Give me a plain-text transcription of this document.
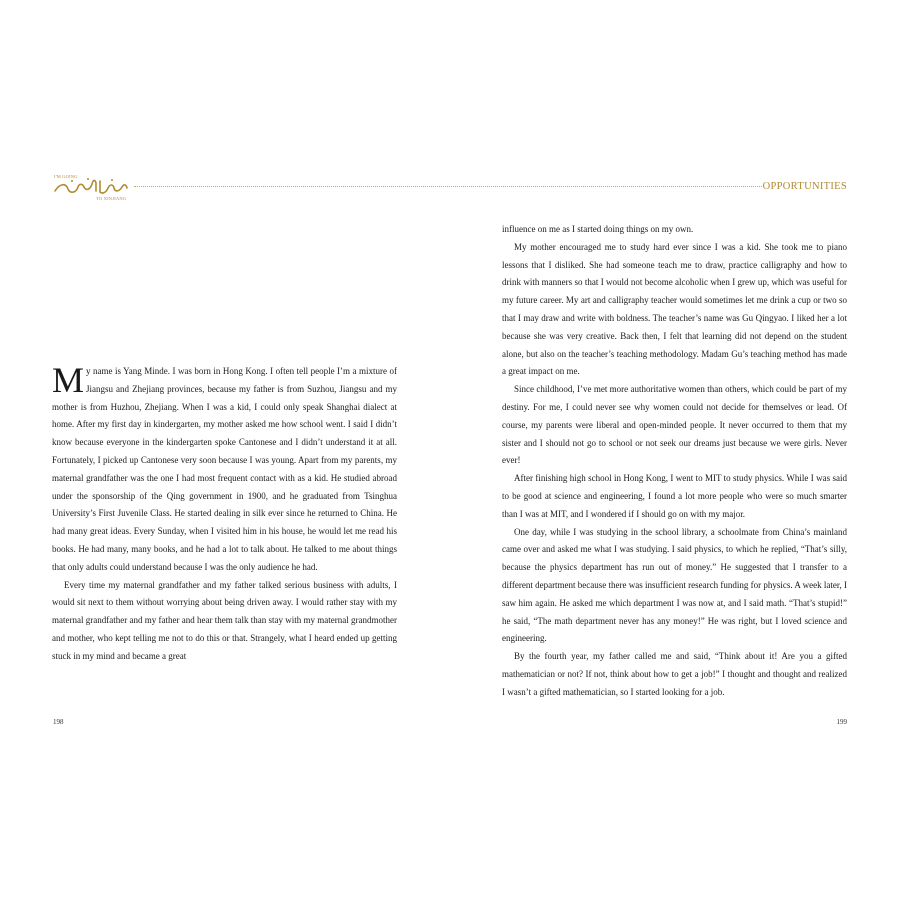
I'M GOING
TO XINJIANG
OPPORTUNITIES

My name is Yang Minde. I was born in Hong Kong. I often tell people I’m a mixture of Jiangsu and Zhejiang provinces, because my father is from Suzhou, Jiangsu and my mother is from Huzhou, Zhejiang. When I was a kid, I could only speak Shanghai dialect at home. After my first day in kindergarten, my mother asked me how school went. I said I didn’t know because everyone in the kindergarten spoke Cantonese and I didn’t understand it at all. Fortunately, I picked up Cantonese very soon because I was young. Apart from my parents, my maternal grandfather was the one I had most frequent contact with as a kid. He studied abroad under the sponsorship of the Qing government in 1900, and he graduated from Tsinghua University’s First Juvenile Class. He started dealing in silk ever since he returned to China. He had many great ideas. Every Sunday, when I visited him in his house, he would let me read his books. He had many, many books, and he had a lot to talk about. He talked to me about things that only adults could understand because I was the only audience he had.

Every time my maternal grandfather and my father talked serious business with adults, I would sit next to them without worrying about being driven away. I would rather stay with my maternal grandfather and my father and hear them talk than stay with my maternal grandmother and mother, who kept telling me not to do this or that. Strangely, what I heard ended up getting stuck in my mind and became a great

influence on me as I started doing things on my own.

My mother encouraged me to study hard ever since I was a kid. She took me to piano lessons that I disliked. She had someone teach me to draw, practice calligraphy and how to drink with manners so that I would not become alcoholic when I grew up, which was useful for my future career. My art and calligraphy teacher would sometimes let me drink a cup or two so that I may draw and write with boldness. The teacher’s name was Gu Qingyao. I liked her a lot because she was very creative. Back then, I felt that learning did not depend on the student alone, but also on the teacher’s teaching methodology. Madam Gu’s teaching method has made a great impact on me.

Since childhood, I’ve met more authoritative women than others, which could be part of my destiny. For me, I could never see why women could not decide for themselves or lead. Of course, my parents were liberal and open-minded people. It never occurred to them that my sister and I should not go to school or not seek our dreams just because we were girls. Never ever!

After finishing high school in Hong Kong, I went to MIT to study physics. While I was said to be good at science and engineering, I found a lot more people who were so much smarter than I was at MIT, and I wondered if I should go on with my major.

One day, while I was studying in the school library, a schoolmate from China’s mainland came over and asked me what I was studying. I said physics, to which he replied, “That’s silly, because the physics department has run out of money.” He suggested that I transfer to a different department because there was insufficient research funding for physics. A week later, I saw him again. He asked me which department I was now at, and I said math. “That’s stupid!” he said, “The math department never has any money!” He was right, but I loved science and engineering.

By the fourth year, my father called me and said, “Think about it! Are you a gifted mathematician or not? If not, think about how to get a job!” I thought and thought and realized I wasn’t a gifted mathematician, so I started looking for a job.

198	199
